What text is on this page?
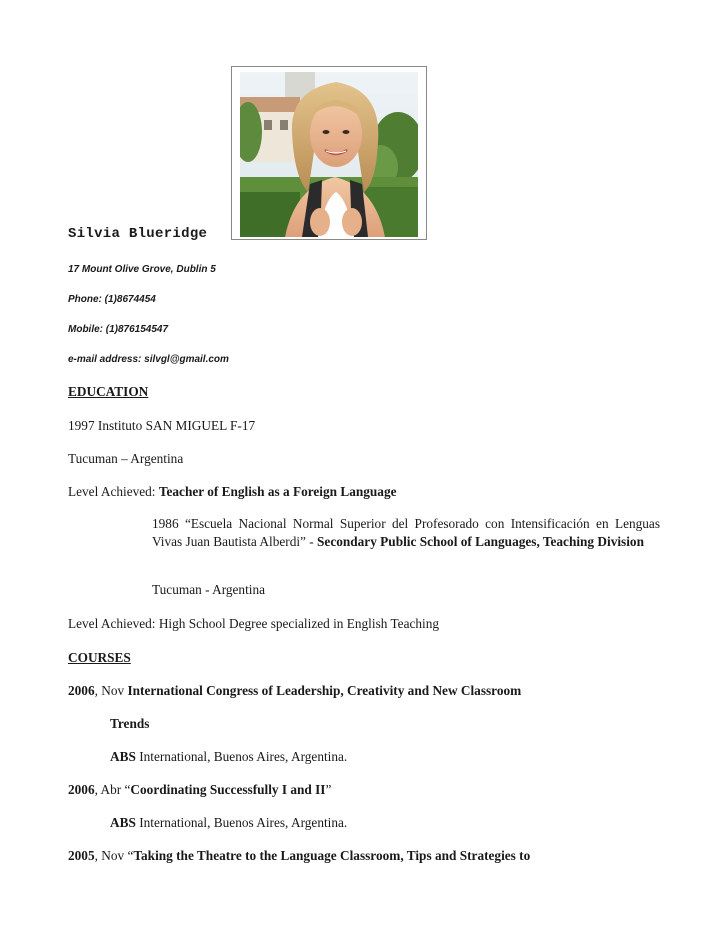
Silvia Blueridge
17 Mount Olive Grove, Dublin 5
Phone: (1)8674454
Mobile: (1)876154547
e-mail address: silvgl@gmail.com
EDUCATION
1997 Instituto SAN MIGUEL F-17
Tucuman – Argentina
Level Achieved: Teacher of English as a Foreign Language
1986 “Escuela Nacional Normal Superior del Profesorado con Intensificación en Lenguas Vivas Juan Bautista Alberdi” - Secondary Public School of Languages, Teaching Division
Tucuman - Argentina
Level Achieved: High School Degree specialized in English Teaching
COURSES
2006, Nov International Congress of Leadership, Creativity and New Classroom
Trends
ABS International, Buenos Aires, Argentina.
2006, Abr “Coordinating Successfully I and II”
ABS International, Buenos Aires, Argentina.
2005, Nov “Taking the Theatre to the Language Classroom, Tips and Strategies to
